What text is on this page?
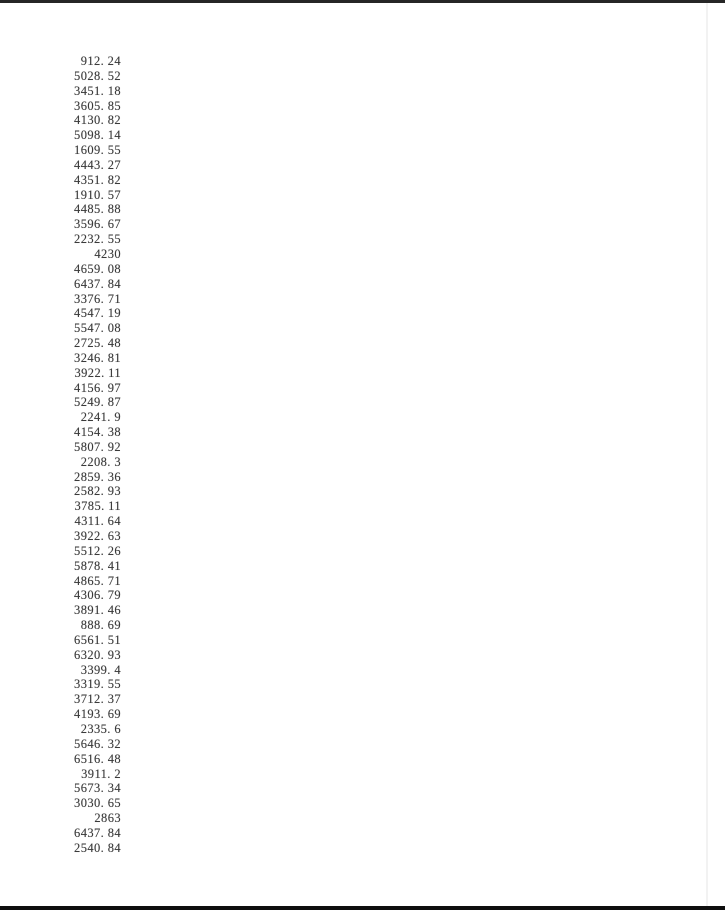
912. 24
5028. 52
3451. 18
3605. 85
4130. 82
5098. 14
1609. 55
4443. 27
4351. 82
1910. 57
4485. 88
3596. 67
2232. 55
4230
4659. 08
6437. 84
3376. 71
4547. 19
5547. 08
2725. 48
3246. 81
3922. 11
4156. 97
5249. 87
2241. 9
4154. 38
5807. 92
2208. 3
2859. 36
2582. 93
3785. 11
4311. 64
3922. 63
5512. 26
5878. 41
4865. 71
4306. 79
3891. 46
888. 69
6561. 51
6320. 93
3399. 4
3319. 55
3712. 37
4193. 69
2335. 6
5646. 32
6516. 48
3911. 2
5673. 34
3030. 65
2863
6437. 84
2540. 84
